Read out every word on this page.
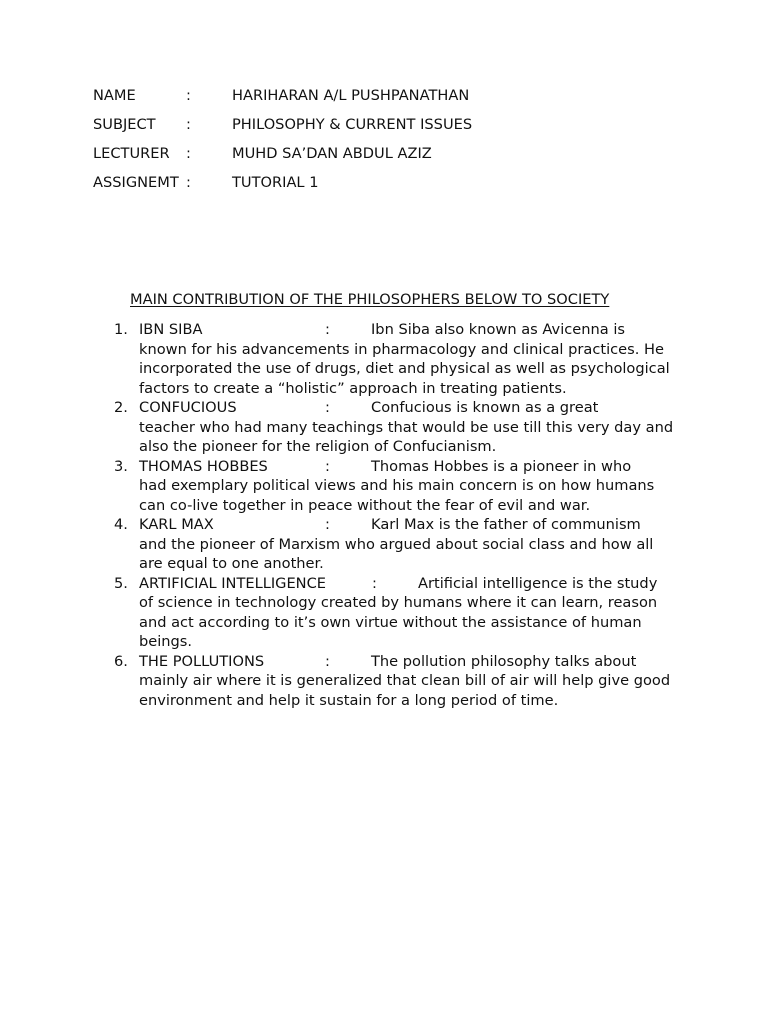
NAME	:	HARIHARAN A/L PUSHPANATHAN
SUBJECT :	PHILOSOPHY & CURRENT ISSUES
LECTURER :	MUHD SA’DAN ABDUL AZIZ
ASSIGNEMT :	TUTORIAL 1
MAIN CONTRIBUTION OF THE PHILOSOPHERS BELOW TO SOCIETY
1. IBN SIBA	:	Ibn Siba also known as Avicenna is
known for his advancements in pharmacology and clinical practices. He incorporated the use of drugs, diet and physical as well as psychological factors to create a “holistic” approach in treating patients.
2. CONFUCIOUS	:	Confucious is known as a great
teacher who had many teachings that would be use till this very day and also the pioneer for the religion of Confucianism.
3. THOMAS HOBBES	:	Thomas Hobbes is a pioneer in who
had exemplary political views and his main concern is on how humans can co-live together in peace without the fear of evil and war.
4. KARL MAX	:	Karl Max is the father of communism
and the pioneer of Marxism who argued about social class and how all are equal to one another.
5. ARTIFICIAL INTELLIGENCE	:	Artificial intelligence is the study
of science in technology created by humans where it can learn, reason and act according to it’s own virtue without the assistance of human beings.
6. THE POLLUTIONS	:	The pollution philosophy talks about
mainly air where it is generalized that clean bill of air will help give good environment and help it sustain for a long period of time.
